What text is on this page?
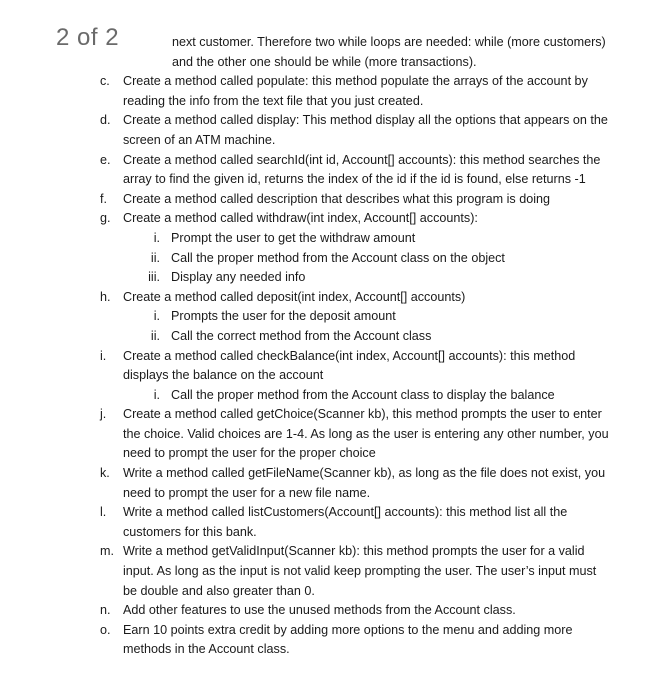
2 of 2	next customer. Therefore two while loops are needed: while (more customers)
and the other one should be while (more transactions).
c. Create a method called populate: this method populate the arrays of the account by
reading the info from the text file that you just created.
d. Create a method called display: This method display all the options that appears on the
screen of an ATM machine.
e. Create a method called searchId(int id, Account[] accounts): this method searches the
array to find the given id, returns the index of the id if the id is found, else returns -1
f. Create a method called description that describes what this program is doing
g. Create a method called withdraw(int index, Account[] accounts):
i. Prompt the user to get the withdraw amount
ii. Call the proper method from the Account class on the object
iii. Display any needed info
h. Create a method called deposit(int index, Account[] accounts)
i. Prompts the user for the deposit amount
ii. Call the correct method from the Account class
i. Create a method called checkBalance(int index, Account[] accounts): this method
displays the balance on the account
i. Call the proper method from the Account class to display the balance
j. Create a method called getChoice(Scanner kb), this method prompts the user to enter
the choice. Valid choices are 1-4. As long as the user is entering any other number, you
need to prompt the user for the proper choice
k. Write a method called getFileName(Scanner kb), as long as the file does not exist, you
need to prompt the user for a new file name.
l. Write a method called listCustomers(Account[] accounts): this method list all the
customers for this bank.
m. Write a method getValidInput(Scanner kb): this method prompts the user for a valid
input. As long as the input is not valid keep prompting the user. The user’s input must
be double and also greater than 0.
n. Add other features to use the unused methods from the Account class.
o. Earn 10 points extra credit by adding more options to the menu and adding more
methods in the Account class.
